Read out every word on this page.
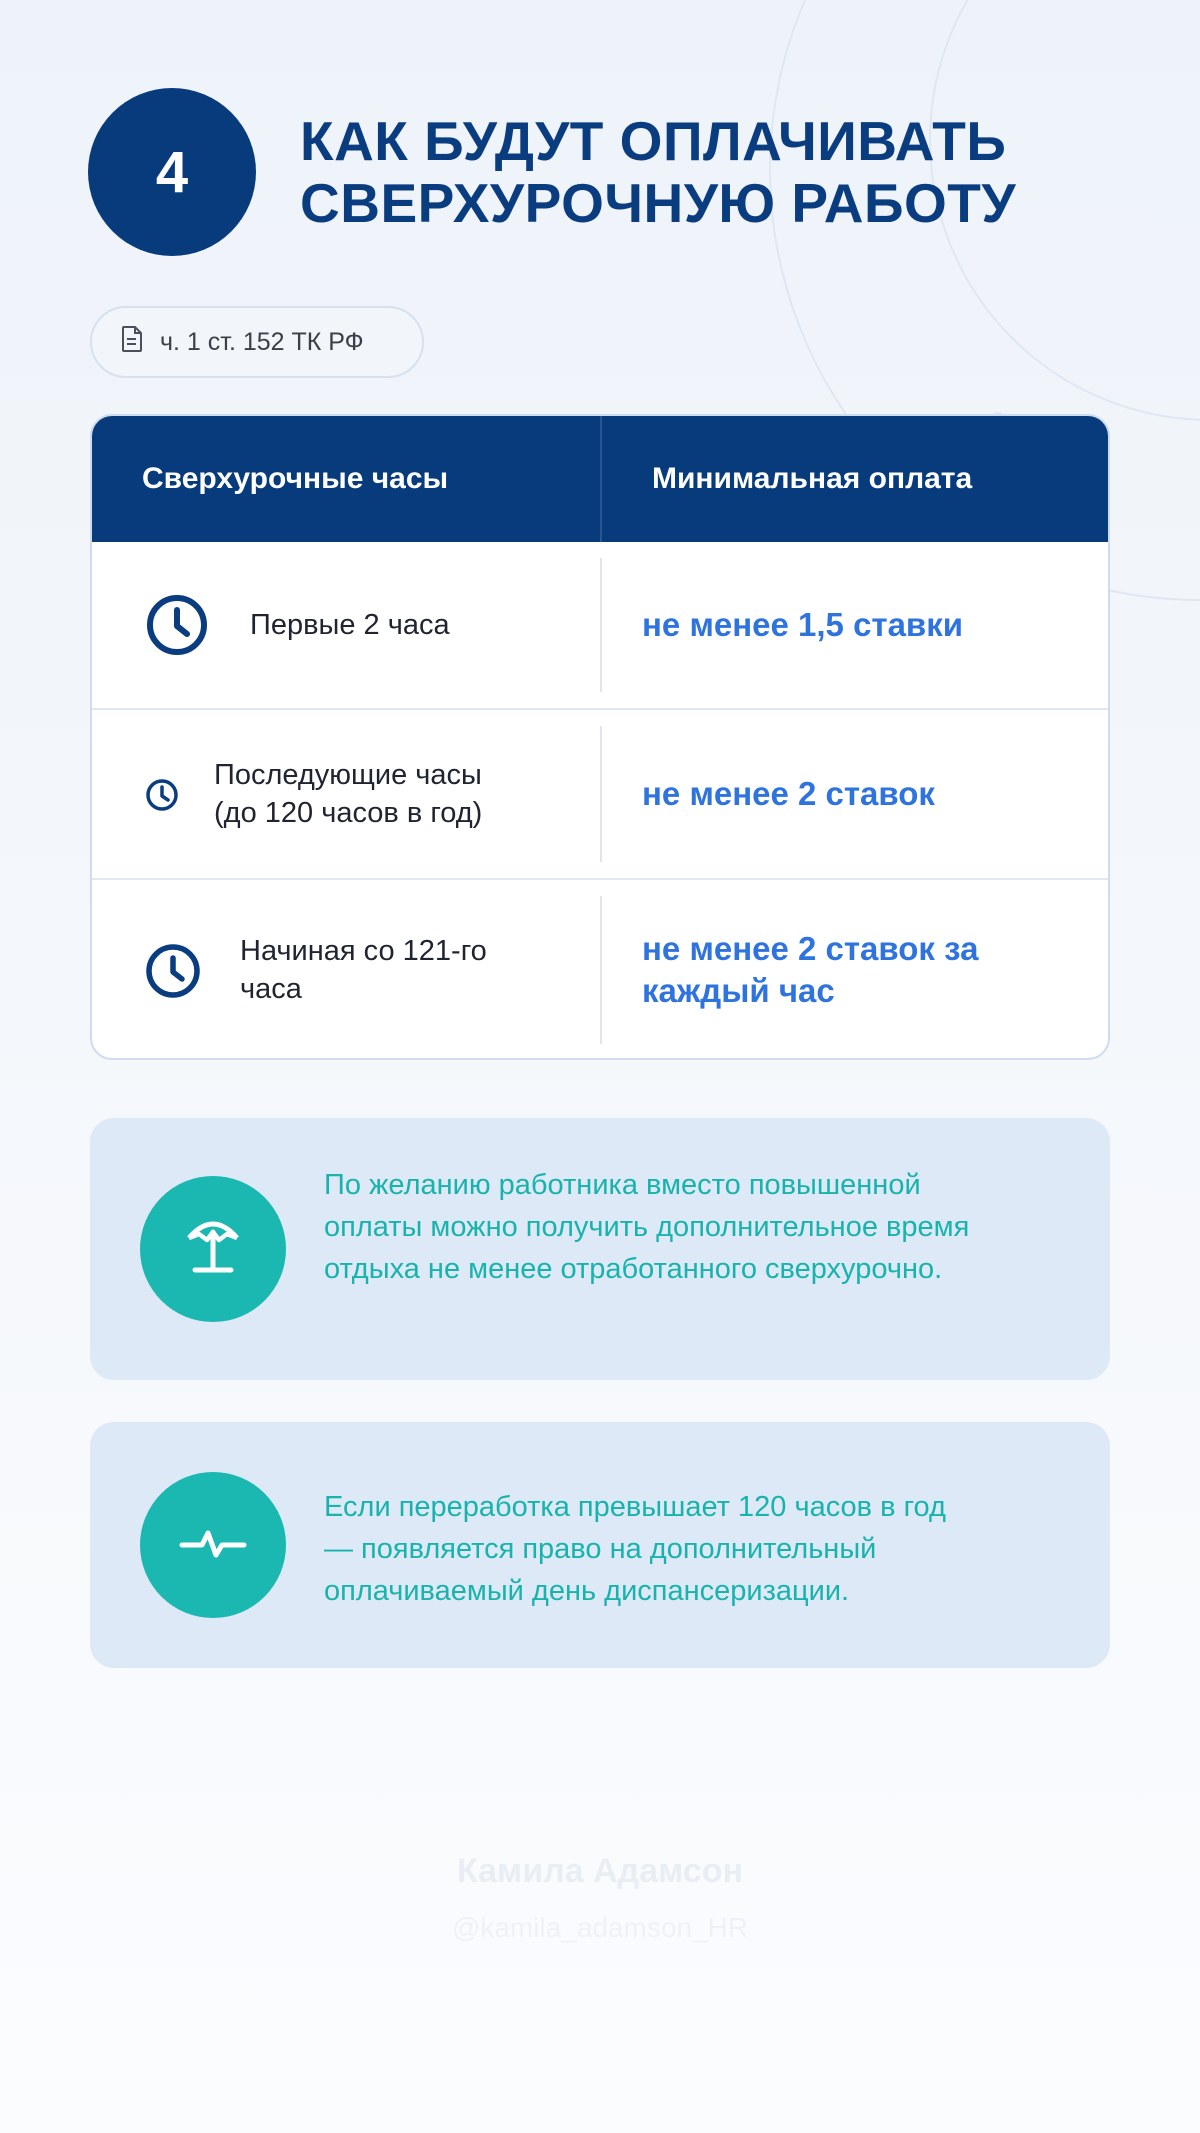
4 КАК БУДУТ ОПЛАЧИВАТЬ
СВЕРХУРОЧНУЮ РАБОТУ
ч. 1 ст. 152 ТК РФ
Сверхурочные часы	Минимальная оплата
Первые 2 часа	не менее 1,5 ставки
Последующие часы
(до 120 часов в год)
не менее 2 ставок
Начиная со 121-го
часа
не менее 2 ставок за
каждый час
По желанию работника вместо повышенной
оплаты можно получить дополнительное время
отдыха не менее отработанного сверхурочно.
Если переработка превышает 120 часов в год
— появляется право на дополнительный
оплачиваемый день диспансеризации.
Камила Адамсон
@kamila_adamson_HR
